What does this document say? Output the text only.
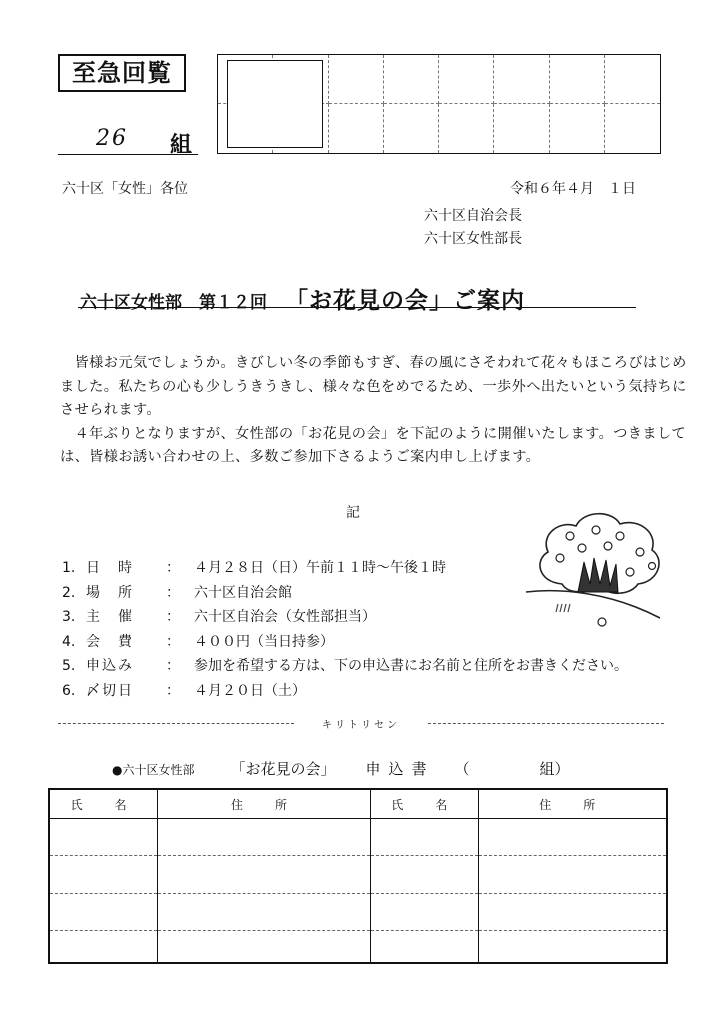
至急回覧
26 組
六十区「女性」各位	令和６年４月　１日
六十区自治会長
六十区女性部長
六十区女性部　第１２回 「お花見の会」ご案内

　皆様お元気でしょうか。きびしい冬の季節もすぎ、春の風にさそわれて花々もほころびはじめました。私たちの心も少しうきうきし、様々な色をめでるため、一歩外へ出たいという気持ちにさせられます。

　４年ぶりとなりますが、女性部の「お花見の会」を下記のように開催いたします。つきましては、皆様お誘い合わせの上、多数ご参加下さるようご案内申し上げます。

記
1. 日　時	：	４月２８日（日）午前１１時〜午後１時
2. 場　所	：	六十区自治会館
3. 主　催	：	六十区自治会（女性部担当）
4. 会　費	：	４００円（当日持参）
5. 申込み	：	参加を希望する方は、下の申込書にお名前と住所をお書きください。
6. 〆切日	：	４月２０日（土）
キリトリセン
●六十区女性部 「お花見の会」 申込書 （	組）
氏　名	住　所	氏　名	住　所
